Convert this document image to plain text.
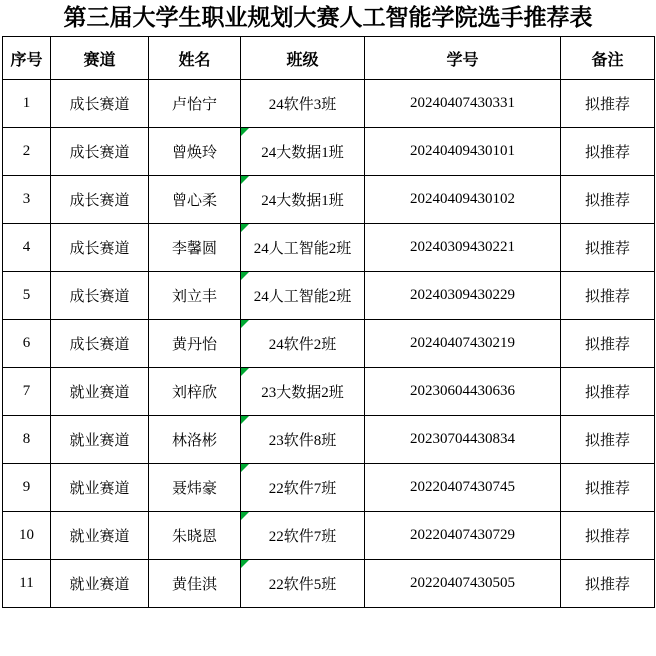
第三届大学生职业规划大赛人工智能学院选手推荐表
序号	赛道	姓名	班级	学号	备注
1	成长赛道	卢怡宁	24软件3班	20240407430331	拟推荐
2	成长赛道	曾焕玲	24大数据1班	20240409430101	拟推荐
3	成长赛道	曾心柔	24大数据1班	20240409430102	拟推荐
4	成长赛道	李馨圆	24人工智能2班	20240309430221	拟推荐
5	成长赛道	刘立丰	24人工智能2班	20240309430229	拟推荐
6	成长赛道	黄丹怡	24软件2班	20240407430219	拟推荐
7	就业赛道	刘梓欣	23大数据2班	20230604430636	拟推荐
8	就业赛道	林洛彬	23软件8班	20230704430834	拟推荐
9	就业赛道	聂炜豪	22软件7班	20220407430745	拟推荐
10	就业赛道	朱晓恩	22软件7班	20220407430729	拟推荐
11	就业赛道	黄佳淇	22软件5班	20220407430505	拟推荐
